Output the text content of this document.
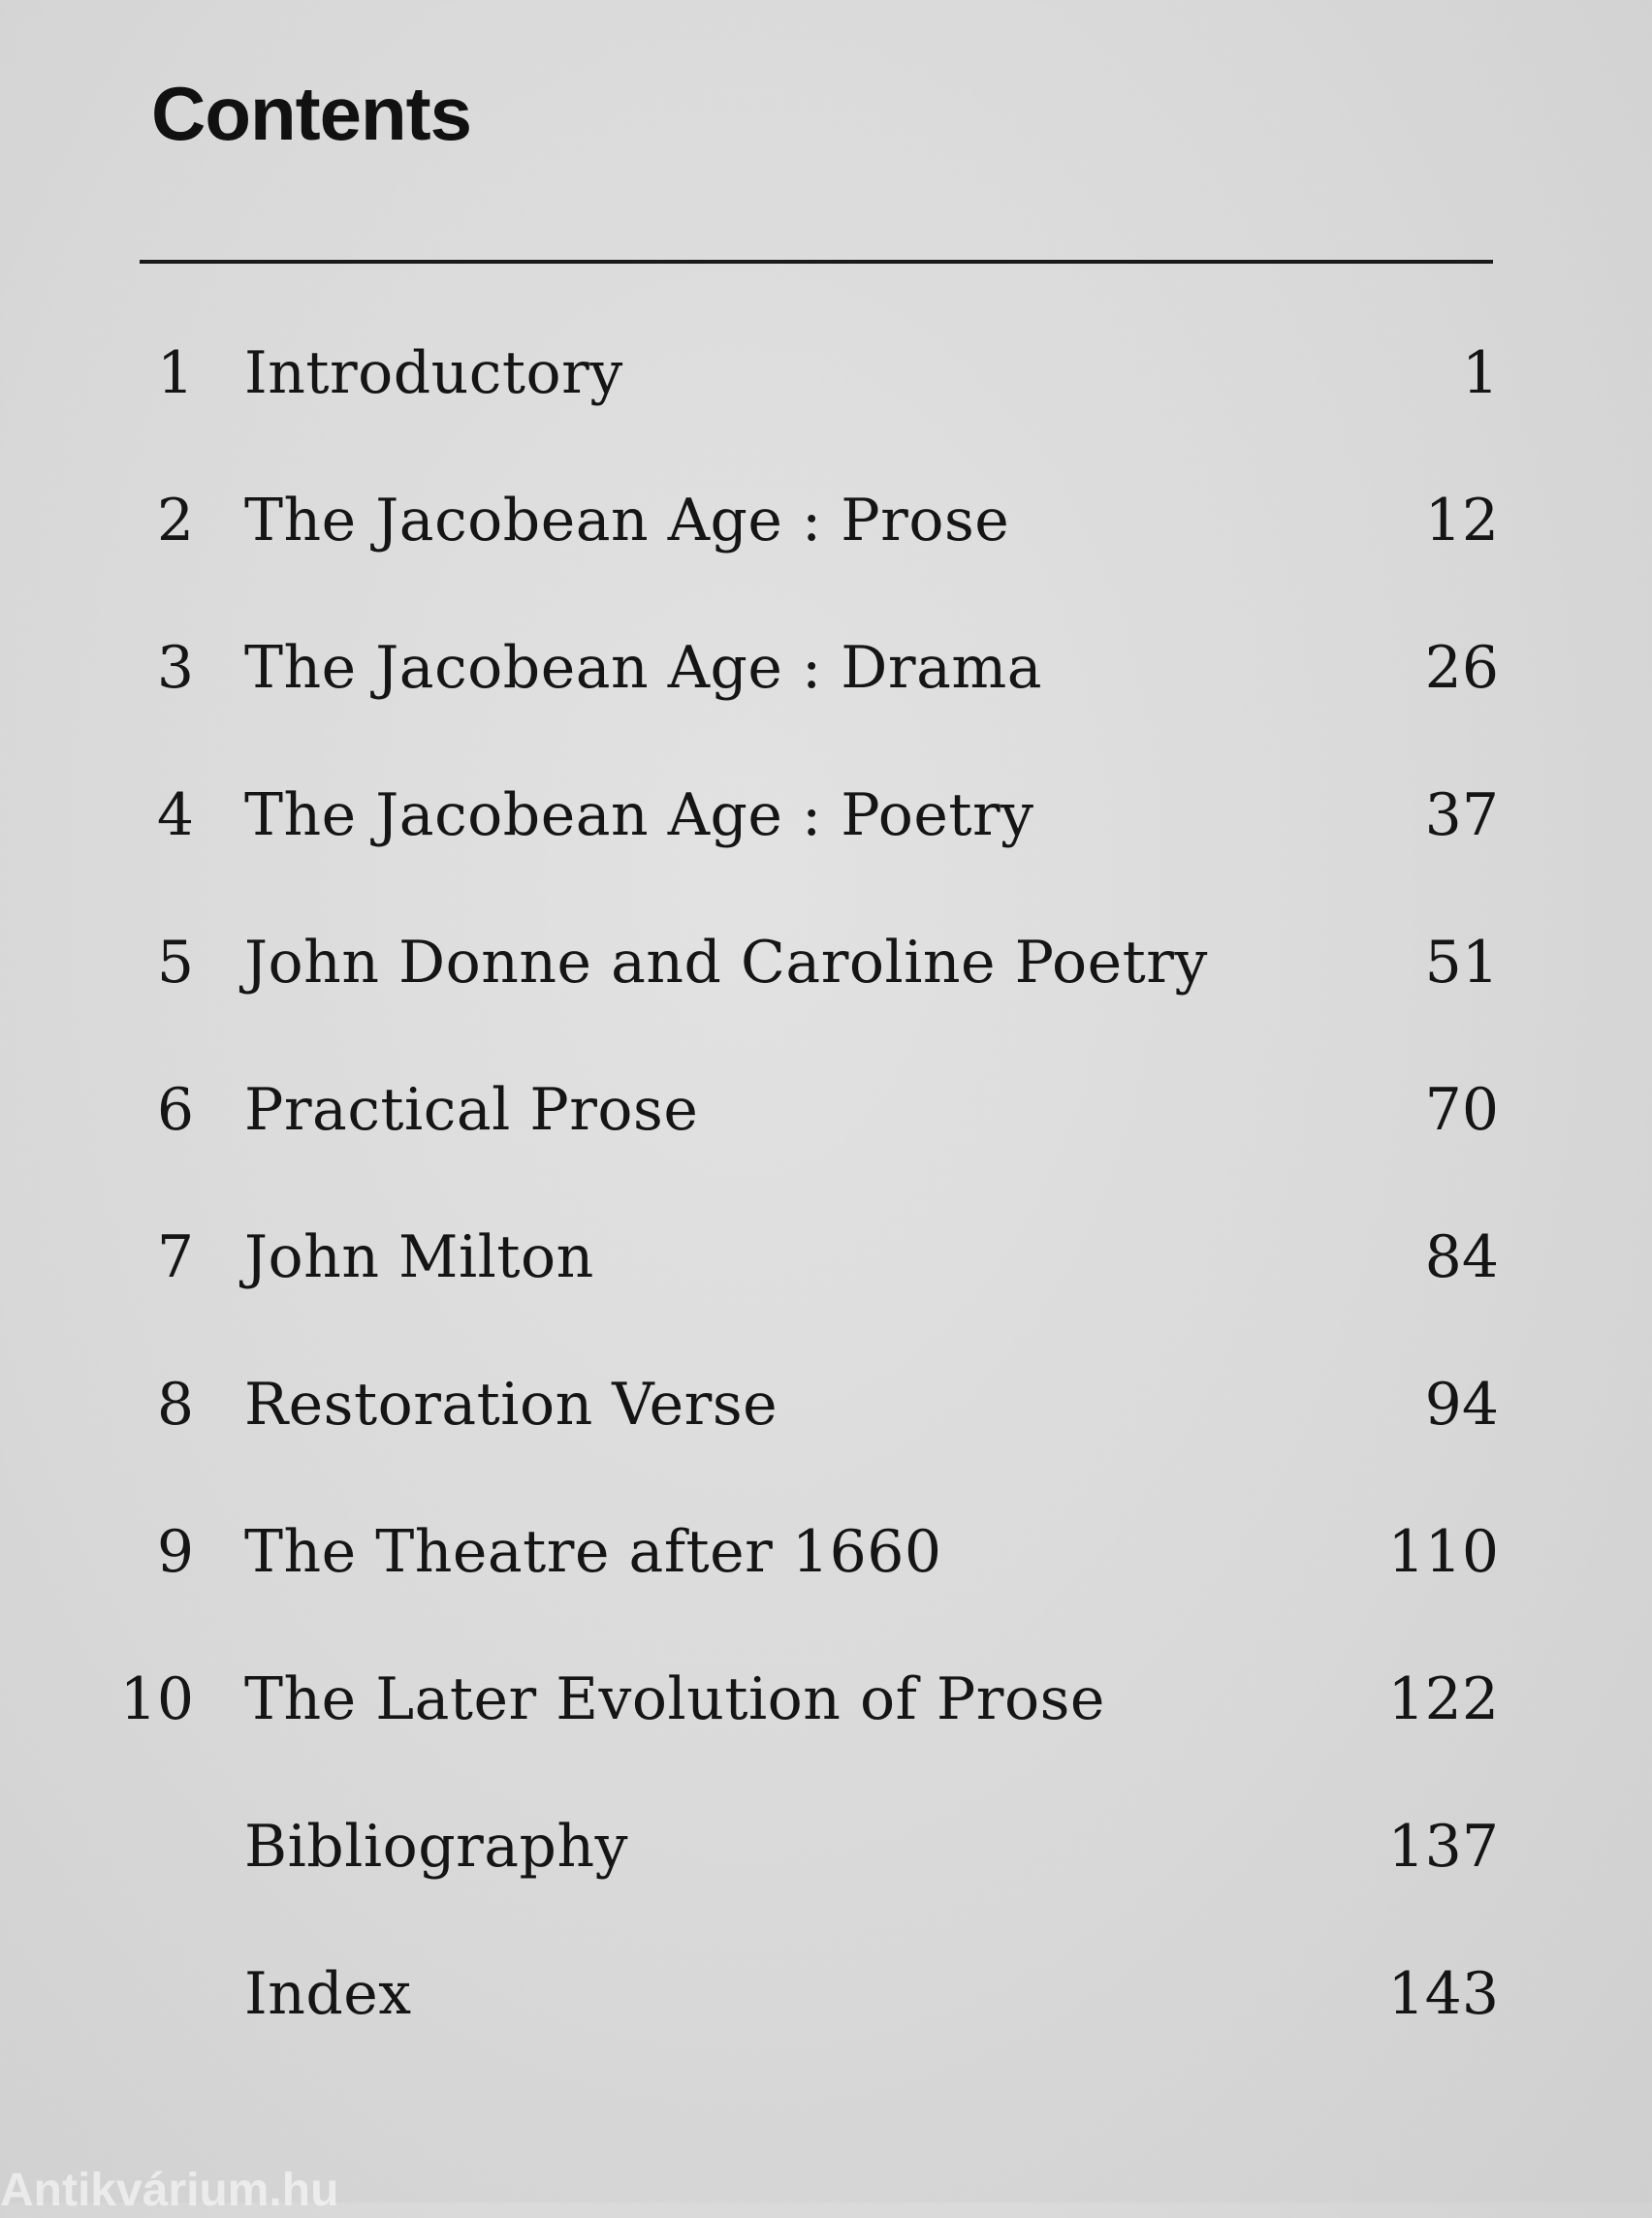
Contents
1 Introductory	1
2 The Jacobean Age : Prose	12
3 The Jacobean Age : Drama	26
4 The Jacobean Age : Poetry	37
5 John Donne and Caroline Poetry	51
6 Practical Prose	70
7 John Milton	84
8 Restoration Verse	94
9 The Theatre after 1660	110
10 The Later Evolution of Prose	122
Bibliography	137
Index	143
Antikvárium.hu
